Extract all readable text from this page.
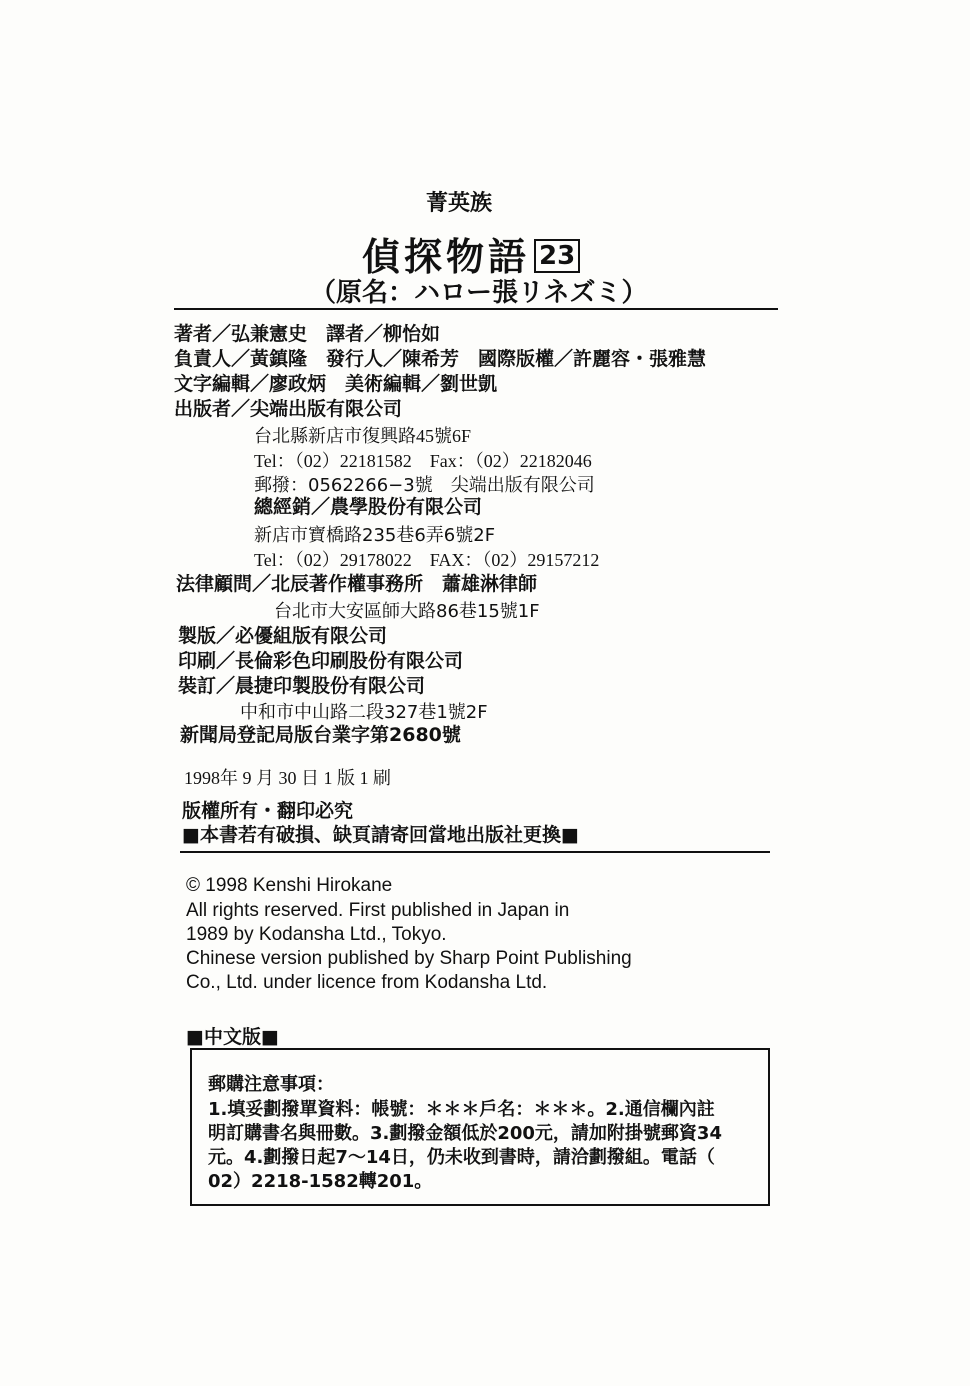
菁英族
偵探物語 23
（原名：ハロー張リネズミ）
著者／弘兼憲史　譯者／柳怡如
負責人／黃鎮隆　發行人／陳希芳　國際版權／許麗容・張雅慧
文字編輯／廖政炳　美術編輯／劉世凱
出版者／尖端出版有限公司
台北縣新店市復興路45號6F
Tel：（02）22181582　Fax：（02）22182046
郵撥：0562266−3號　尖端出版有限公司
總經銷／農學股份有限公司
新店市寶橋路235巷6弄6號2F
Tel：（02）29178022　FAX：（02）29157212
法律顧問／北辰著作權事務所　蕭雄淋律師
台北市大安區師大路86巷15號1F
製版／必優組版有限公司
印刷／長倫彩色印刷股份有限公司
裝訂／晨捷印製股份有限公司
中和市中山路二段327巷1號2F
新聞局登記局版台業字第2680號
1998年 9 月 30 日 1 版 1 刷
版權所有・翻印必究
■本書若有破損、缺頁請寄回當地出版社更換■
© 1998 Kenshi Hirokane
All rights reserved. First published in Japan in
1989 by Kodansha Ltd., Tokyo.
Chinese version published by Sharp Point Publishing
Co., Ltd. under licence from Kodansha Ltd.
■中文版■
郵購注意事項：
1.填妥劃撥單資料：帳號：＊＊＊戶名：＊＊＊。2.通信欄內註
明訂購書名與冊數。3.劃撥金額低於200元，請加附掛號郵資34
元。4.劃撥日起7～14日，仍未收到書時，請洽劃撥組。電話（
02）2218-1582轉201。
